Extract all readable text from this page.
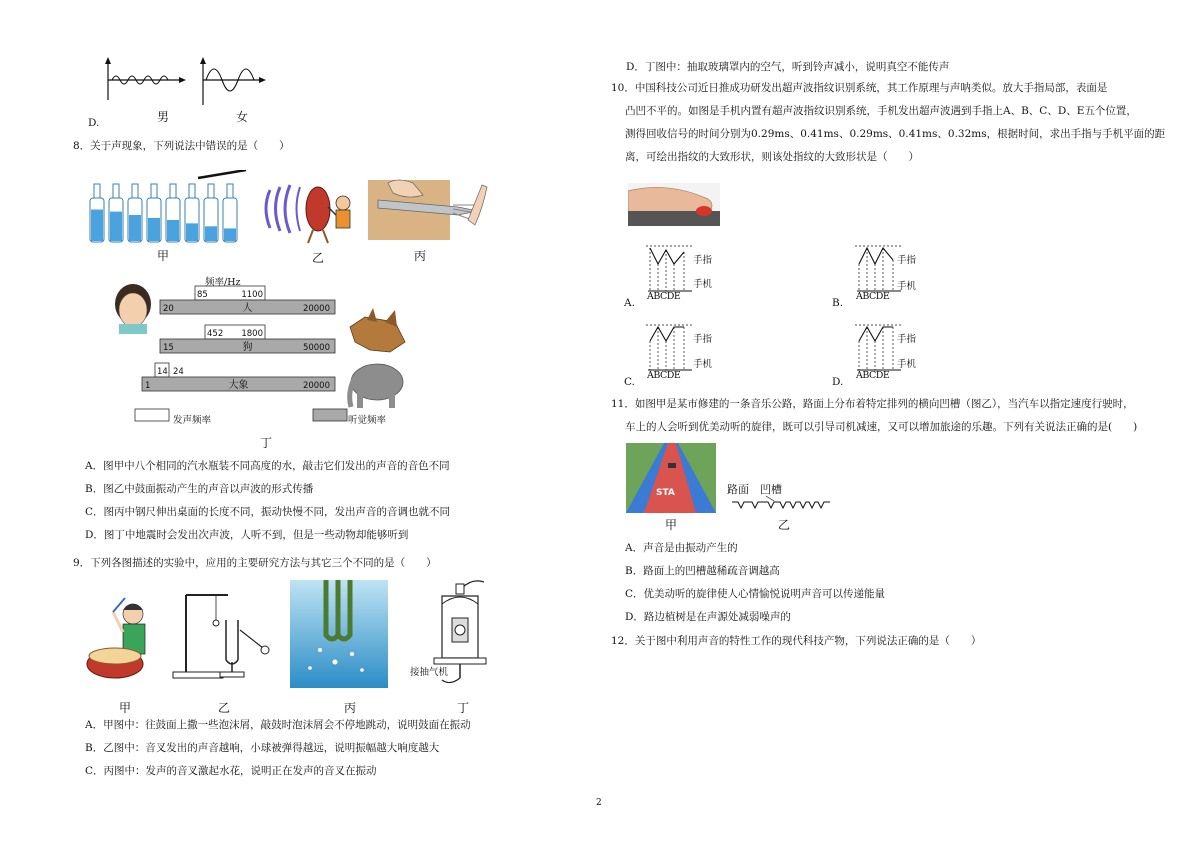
D.	男	女
8．关于声现象，下列说法中错误的是（　　）
甲	乙	丙
85	1100
20	20000
人
452 1800
15	50000
狗
14 24
1	20000
大象
频率/Hz
发声频率	听觉频率
丁
A．图甲中八个相同的汽水瓶装不同高度的水，敲击它们发出的声音的音色不同
B．图乙中鼓面振动产生的声音以声波的形式传播
C．图丙中钢尺伸出桌面的长度不同，振动快慢不同，发出声音的音调也就不同
D．图丁中地震时会发出次声波，人听不到，但是一些动物却能够听到
9．下列各图描述的实验中，应用的主要研究方法与其它三个不同的是（　　）
甲	乙	丙
接抽气机
丁
A．甲图中：往鼓面上撒一些泡沫屑，敲鼓时泡沫屑会不停地跳动，说明鼓面在振动
B．乙图中：音叉发出的声音越响，小球被弹得越远，说明振幅越大响度越大
C．丙图中：发声的音叉激起水花，说明正在发声的音叉在振动
D．丁图中：抽取玻璃罩内的空气，听到铃声减小，说明真空不能传声
10．中国科技公司近日推成功研发出超声波指纹识别系统，其工作原理与声呐类似。放大手指局部，表面是
凸凹不平的。如图是手机内置有超声波指纹识别系统，手机发出超声波遇到手指上A、B、C、D、E五个位置，
测得回收信号的时间分别为0.29ms、0.41ms、0.29ms、0.41ms、0.32ms，根据时间，求出手指与手机平面的距
离，可绘出指纹的大致形状，则该处指纹的大致形状是（　　）
A.
手指
手机
ABCDE
B.
手指
手机
ABCDE
C.
手指
手机
ABCDE
D.
手指
手机
ABCDE
11．如图甲是某市修建的一条音乐公路，路面上分布着特定排列的横向凹槽（图乙），当汽车以指定速度行驶时，
车上的人会听到优美动听的旋律，既可以引导司机减速，又可以增加旅途的乐趣。下列有关说法正确的是(　　)
STA
甲
路面 凹槽
乙
A．声音是由振动产生的
B．路面上的凹槽越稀疏音调越高
C．优美动听的旋律使人心情愉悦说明声音可以传递能量
D．路边植树是在声源处减弱噪声的
12．关于图中利用声音的特性工作的现代科技产物，下列说法正确的是（　　）
2
